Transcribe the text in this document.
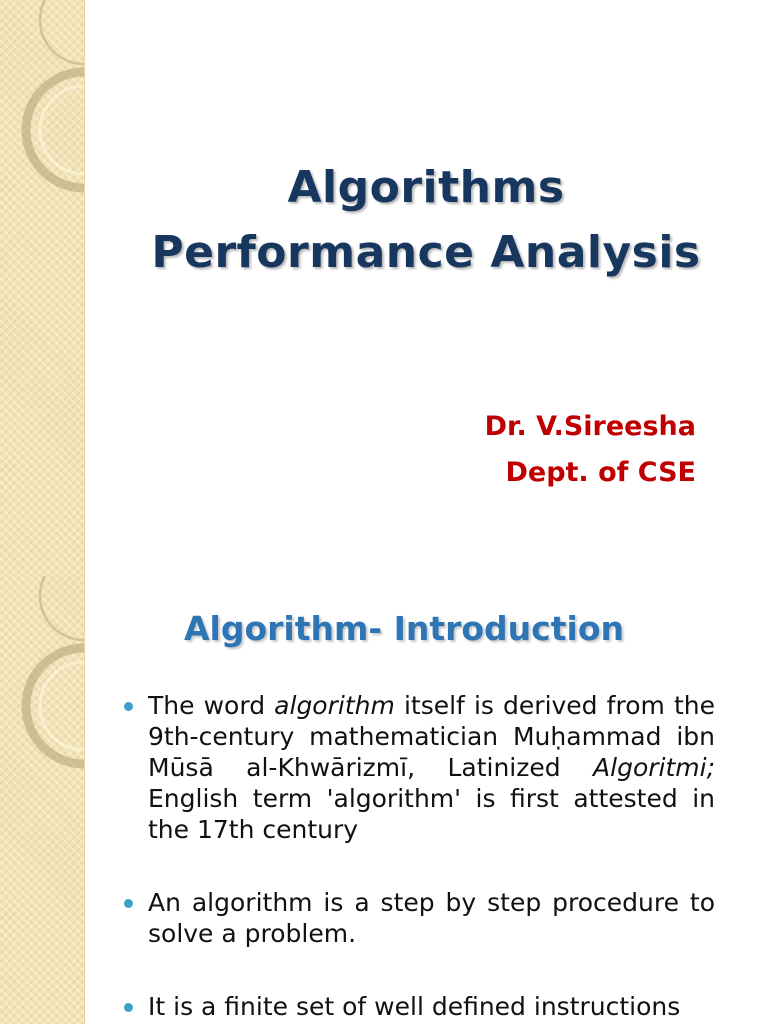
Algorithms
Performance Analysis
Dr. V.Sireesha
Dept. of CSE
Algorithm- Introduction
The word algorithm itself is derived from the 9th-century mathematician Muḥammad ibn Mūsā al-Khwārizmī, Latinized Algoritmi; English term 'algorithm' is first attested in the 17th century
An algorithm is a step by step procedure to solve a problem.
It is a finite set of well defined instructions
